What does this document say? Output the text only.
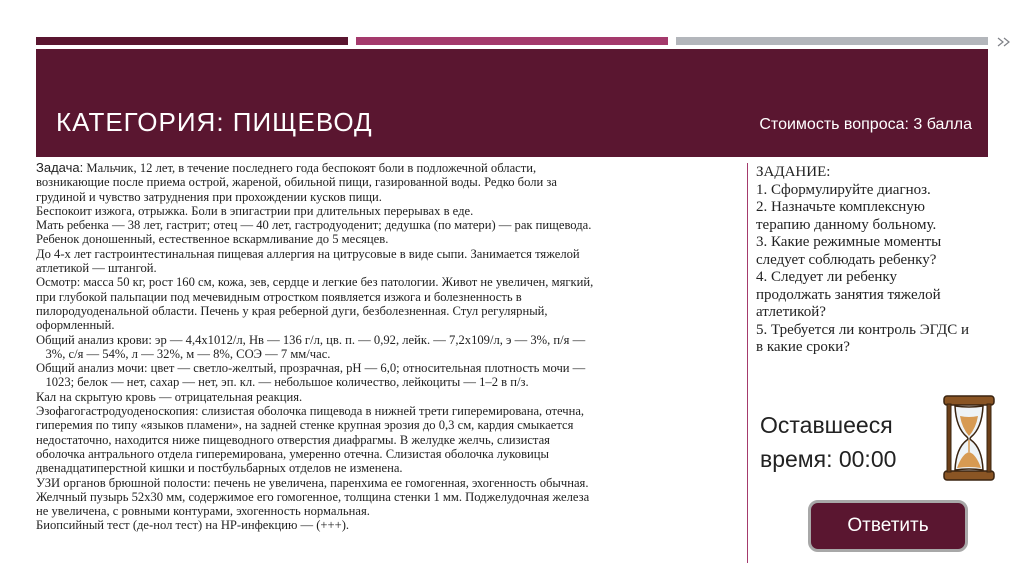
КАТЕГОРИЯ: ПИЩЕВОД	Стоимость вопроса: 3 балла
Задача: Мальчик, 12 лет, в течение последнего года беспокоят боли в подложечной области,
возникающие после приема острой, жареной, обильной пищи, газированной воды. Редко боли за
грудиной и чувство затруднения при прохождении кусков пищи.
Беспокоит изжога, отрыжка. Боли в эпигастрии при длительных перерывах в еде.
Мать ребенка — 38 лет, гастрит; отец — 40 лет, гастродуоденит; дедушка (по матери) — рак пищевода.
Ребенок доношенный, естественное вскармливание до 5 месяцев.
До 4-х лет гастроинтестинальная пищевая аллергия на цитрусовые в виде сыпи. Занимается тяжелой
атлетикой — штангой.
Осмотр: масса 50 кг, рост 160 см, кожа, зев, сердце и легкие без патологии. Живот не увеличен, мягкий,
при глубокой пальпации под мечевидным отростком появляется изжога и болезненность в
пилородуоденальной области. Печень у края реберной дуги, безболезненная. Стул регулярный,
оформленный.
Общий анализ крови: эр — 4,4х1012/л, Нв — 136 г/л, цв. п. — 0,92, лейк. — 7,2х109/л, э — 3%, п/я —
3%, с/я — 54%, л — 32%, м — 8%, СОЭ — 7 мм/час.
Общий анализ мочи: цвет — светло-желтый, прозрачная, рН — 6,0; относительная плотность мочи —
1023; белок — нет, сахар — нет, эп. кл. — небольшое количество, лейкоциты — 1–2 в п/з.
Кал на скрытую кровь — отрицательная реакция.
Эзофагогастродуоденоскопия: слизистая оболочка пищевода в нижней трети гиперемирована, отечна,
гиперемия по типу «языков пламени», на задней стенке крупная эрозия до 0,3 см, кардия смыкается
недостаточно, находится ниже пищеводного отверстия диафрагмы. В желудке желчь, слизистая
оболочка антрального отдела гиперемирована, умеренно отечна. Слизистая оболочка луковицы
двенадцатиперстной кишки и постбульбарных отделов не изменена.
УЗИ органов брюшной полости: печень не увеличена, паренхима ее гомогенная, эхогенность обычная.
Желчный пузырь 52х30 мм, содержимое его гомогенное, толщина стенки 1 мм. Поджелудочная железа
не увеличена, с ровными контурами, эхогенность нормальная.
Биопсийный тест (де-нол тест) на НР-инфекцию — (+++).
ЗАДАНИЕ:
1. Сформулируйте диагноз.
2. Назначьте комплексную
терапию данному больному.
3. Какие режимные моменты
следует соблюдать ребенку?
4. Следует ли ребенку
продолжать занятия тяжелой
атлетикой?
5. Требуется ли контроль ЭГДС и
в какие сроки?
Оставшееся
время: 00:00
Ответить
